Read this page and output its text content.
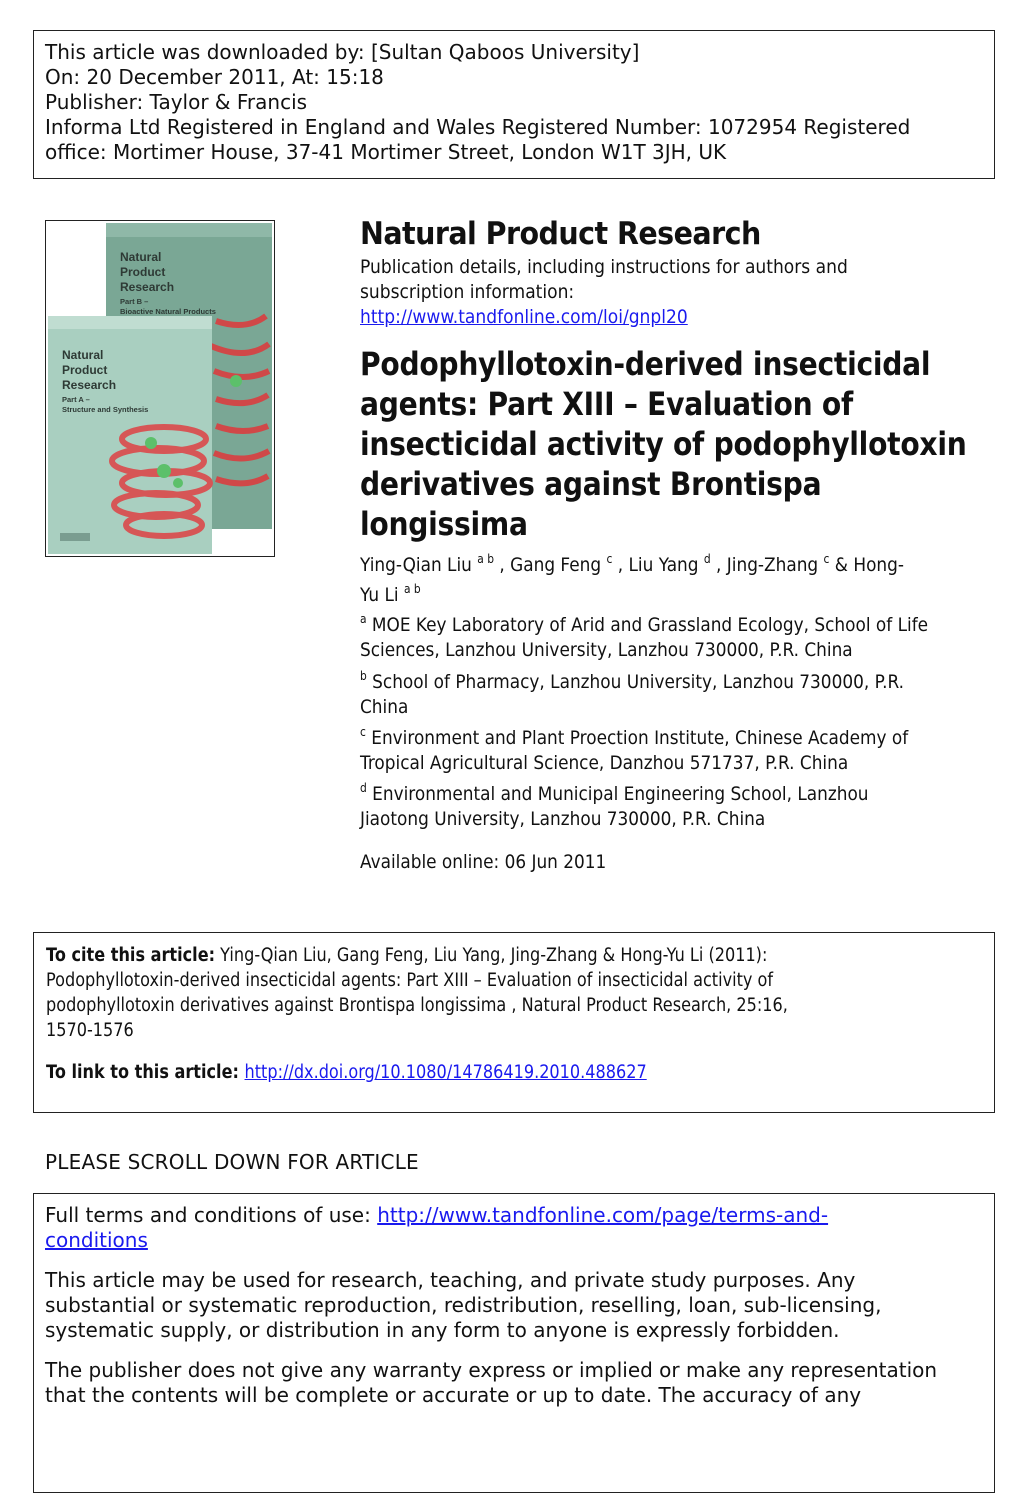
This article was downloaded by: [Sultan Qaboos University]
On: 20 December 2011, At: 15:18
Publisher: Taylor & Francis
Informa Ltd Registered in England and Wales Registered Number: 1072954 Registered
office: Mortimer House, 37-41 Mortimer Street, London W1T 3JH, UK
Natural
Product
Research
Part B –
Bioactive Natural Products
Natural
Product
Research
Part A –
Structure and Synthesis
Natural Product Research
Publication details, including instructions for authors and
subscription information:
http://www.tandfonline.com/loi/gnpl20
Podophyllotoxin-derived insecticidal
agents: Part XIII – Evaluation of
insecticidal activity of podophyllotoxin
derivatives against Brontispa
longissima
Ying-Qian Liu $^{a b}$ , Gang Feng $^c$ , Liu Yang $^d$ , Jing-Zhang $^c$ & Hong-
Yu Li $^{a b}$
$^a$ MOE Key Laboratory of Arid and Grassland Ecology, School of Life
Sciences, Lanzhou University, Lanzhou 730000, P.R. China
$^b$ School of Pharmacy, Lanzhou University, Lanzhou 730000, P.R.
China
$^c$ Environment and Plant Proection Institute, Chinese Academy of
Tropical Agricultural Science, Danzhou 571737, P.R. China
$^d$ Environmental and Municipal Engineering School, Lanzhou
Jiaotong University, Lanzhou 730000, P.R. China
Available online: 06 Jun 2011
To cite this article: Ying-Qian Liu, Gang Feng, Liu Yang, Jing-Zhang & Hong-Yu Li (2011):
Podophyllotoxin-derived insecticidal agents: Part XIII – Evaluation of insecticidal activity of
podophyllotoxin derivatives against Brontispa longissima , Natural Product Research, 25:16,
1570-1576
To link to this article: http://dx.doi.org/10.1080/14786419.2010.488627
PLEASE SCROLL DOWN FOR ARTICLE

Full terms and conditions of use: http://www.tandfonline.com/page/terms-and-
conditions

This article may be used for research, teaching, and private study purposes. Any
substantial or systematic reproduction, redistribution, reselling, loan, sub-licensing,
systematic supply, or distribution in any form to anyone is expressly forbidden.

The publisher does not give any warranty express or implied or make any representation
that the contents will be complete or accurate or up to date. The accuracy of any
